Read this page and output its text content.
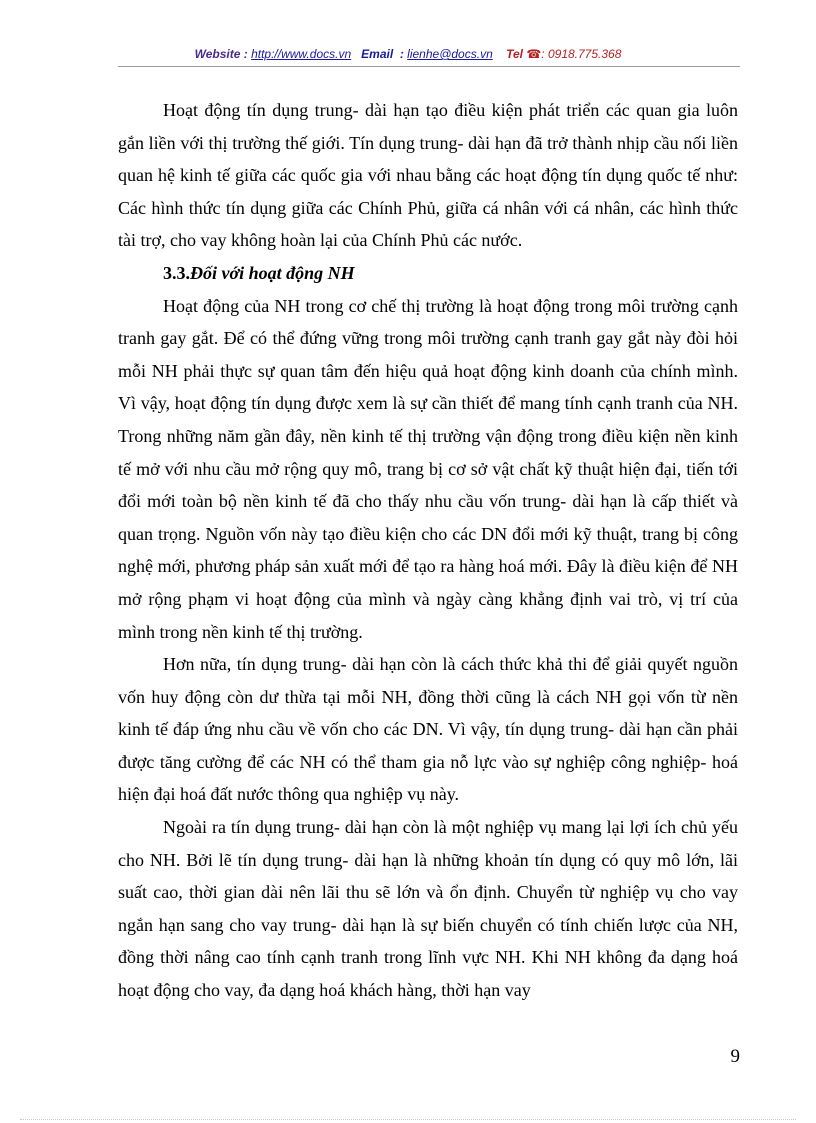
Website : http://www.docs.vn Email : lienhe@docs.vn Tel ☎: 0918.775.368

Hoạt động tín dụng trung- dài hạn tạo điều kiện phát triển các quan gia luôn gắn liền với thị trường thế giới. Tín dụng trung- dài hạn đã trở thành nhịp cầu nối liền quan hệ kinh tế giữa các quốc gia với nhau bằng các hoạt động tín dụng quốc tế như: Các hình thức tín dụng giữa các Chính Phủ, giữa cá nhân với cá nhân, các hình thức tài trợ, cho vay không hoàn lại của Chính Phủ các nước.

3.3.Đối với hoạt động NH

Hoạt động của NH trong cơ chế thị trường là hoạt động trong môi trường cạnh tranh gay gắt. Để có thể đứng vững trong môi trường cạnh tranh gay gắt này đòi hỏi mỗi NH phải thực sự quan tâm đến hiệu quả hoạt động kinh doanh của chính mình. Vì vậy, hoạt động tín dụng được xem là sự cần thiết để mang tính cạnh tranh của NH. Trong những năm gần đây, nền kinh tế thị trường vận động trong điều kiện nền kinh tế mở với nhu cầu mở rộng quy mô, trang bị cơ sở vật chất kỹ thuật hiện đại, tiến tới đổi mới toàn bộ nền kinh tế đã cho thấy nhu cầu vốn trung- dài hạn là cấp thiết và quan trọng. Nguồn vốn này tạo điều kiện cho các DN đổi mới kỹ thuật, trang bị công nghệ mới, phương pháp sản xuất mới để tạo ra hàng hoá mới. Đây là điều kiện để NH mở rộng phạm vi hoạt động của mình và ngày càng khẳng định vai trò, vị trí của mình trong nền kinh tế thị trường.

Hơn nữa, tín dụng trung- dài hạn còn là cách thức khả thi để giải quyết nguồn vốn huy động còn dư thừa tại mỗi NH, đồng thời cũng là cách NH gọi vốn từ nền kinh tế đáp ứng nhu cầu về vốn cho các DN. Vì vậy, tín dụng trung- dài hạn cần phải được tăng cường để các NH có thể tham gia nỗ lực vào sự nghiệp công nghiệp- hoá hiện đại hoá đất nước thông qua nghiệp vụ này.

Ngoài ra tín dụng trung- dài hạn còn là một nghiệp vụ mang lại lợi ích chủ yếu cho NH. Bởi lẽ tín dụng trung- dài hạn là những khoản tín dụng có quy mô lớn, lãi suất cao, thời gian dài nên lãi thu sẽ lớn và ổn định. Chuyển từ nghiệp vụ cho vay ngắn hạn sang cho vay trung- dài hạn là sự biến chuyển có tính chiến lược của NH, đồng thời nâng cao tính cạnh tranh trong lĩnh vực NH. Khi NH không đa dạng hoá hoạt động cho vay, đa dạng hoá khách hàng, thời hạn vay

9
